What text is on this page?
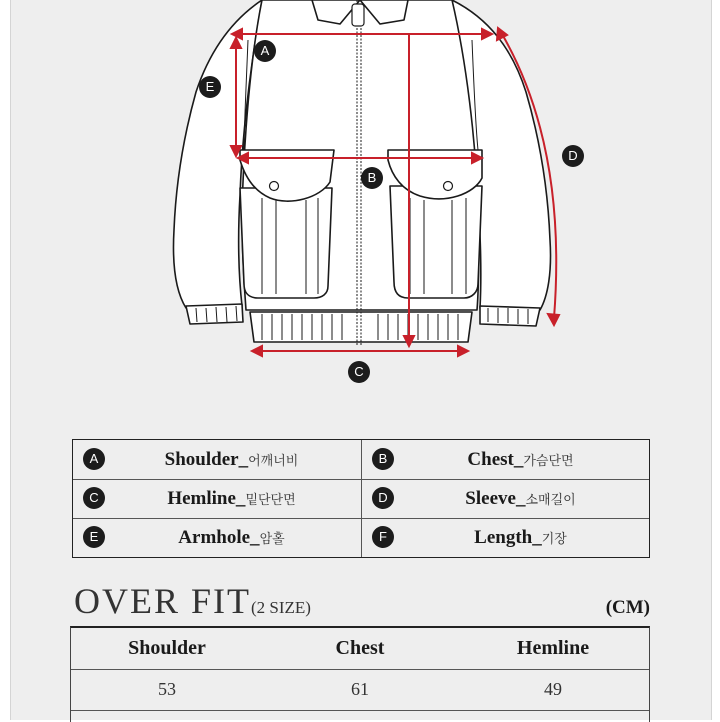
A
E
B
D
C
A	Shoulder_어깨너비	B	Chest_가슴단면
C	Hemline_밑단단면	D	Sleeve_소매길이
E	Armhole_암홀	F	Length_기장
OVER FIT(2 SIZE)	(CM)
Shoulder	Chest	Hemline
53	61	49
